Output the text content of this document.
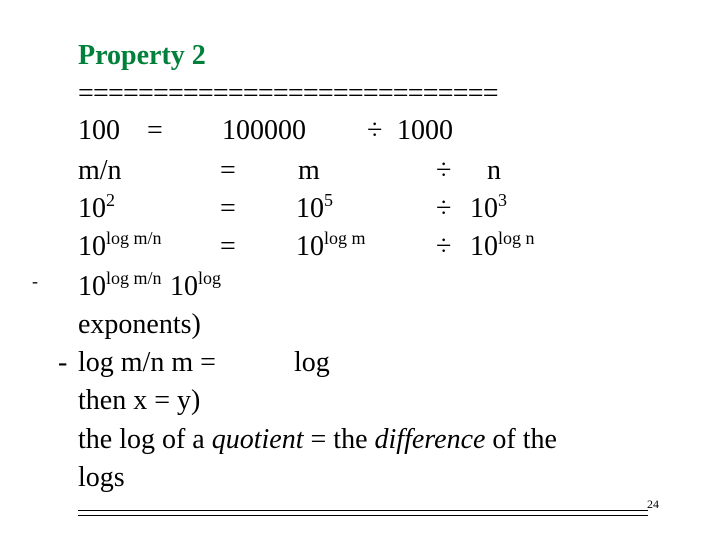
Property 2
============================
100 = 100000 ÷ 1000
m/n	= m	÷ n
$10^2$	= $10^5$	÷ $10^3$
$10^{log m/n} = 10^{log m}$	÷ $10^{log n}$
- $10^{log m/n}$ $10^{log}$
exponents)
- log m/n m =	log
then x = y)
the log of a quotient = the difference of the
logs
24
